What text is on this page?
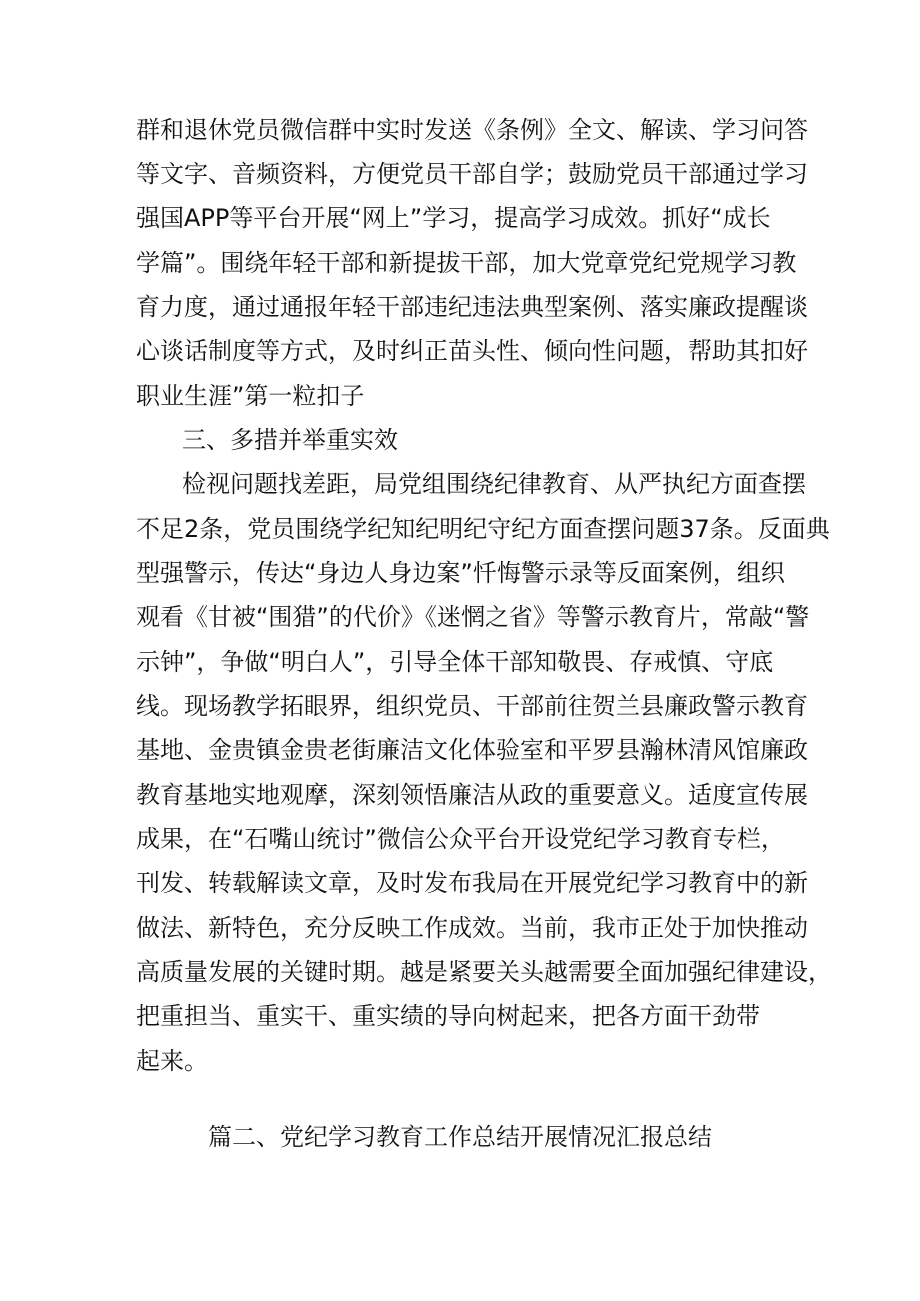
群和退休党员微信群中实时发送《条例》全文、解读、学习问答
等文字、音频资料，方便党员干部自学；鼓励党员干部通过学习
强国APP等平台开展“网上”学习，提高学习成效。抓好“成长
学篇”。围绕年轻干部和新提拔干部，加大党章党纪党规学习教
育力度，通过通报年轻干部违纪违法典型案例、落实廉政提醒谈
心谈话制度等方式，及时纠正苗头性、倾向性问题，帮助其扣好
职业生涯”第一粒扣子
三、多措并举重实效
检视问题找差距，局党组围绕纪律教育、从严执纪方面查摆
不足2条，党员围绕学纪知纪明纪守纪方面查摆问题37条。反面典
型强警示，传达“身边人身边案”忏悔警示录等反面案例，组织
观看《甘被“围猎”的代价》《迷惘之省》等警示教育片，常敲“警
示钟”，争做“明白人”，引导全体干部知敬畏、存戒慎、守底
线。现场教学拓眼界，组织党员、干部前往贺兰县廉政警示教育
基地、金贵镇金贵老街廉洁文化体验室和平罗县瀚林清风馆廉政
教育基地实地观摩，深刻领悟廉洁从政的重要意义。适度宣传展
成果，在“石嘴山统讨”微信公众平台开设党纪学习教育专栏，
刊发、转载解读文章，及时发布我局在开展党纪学习教育中的新
做法、新特色，充分反映工作成效。当前，我市正处于加快推动
高质量发展的关键时期。越是紧要关头越需要全面加强纪律建设，
把重担当、重实干、重实绩的导向树起来，把各方面干劲带
起来。
篇二、党纪学习教育工作总结开展情况汇报总结
